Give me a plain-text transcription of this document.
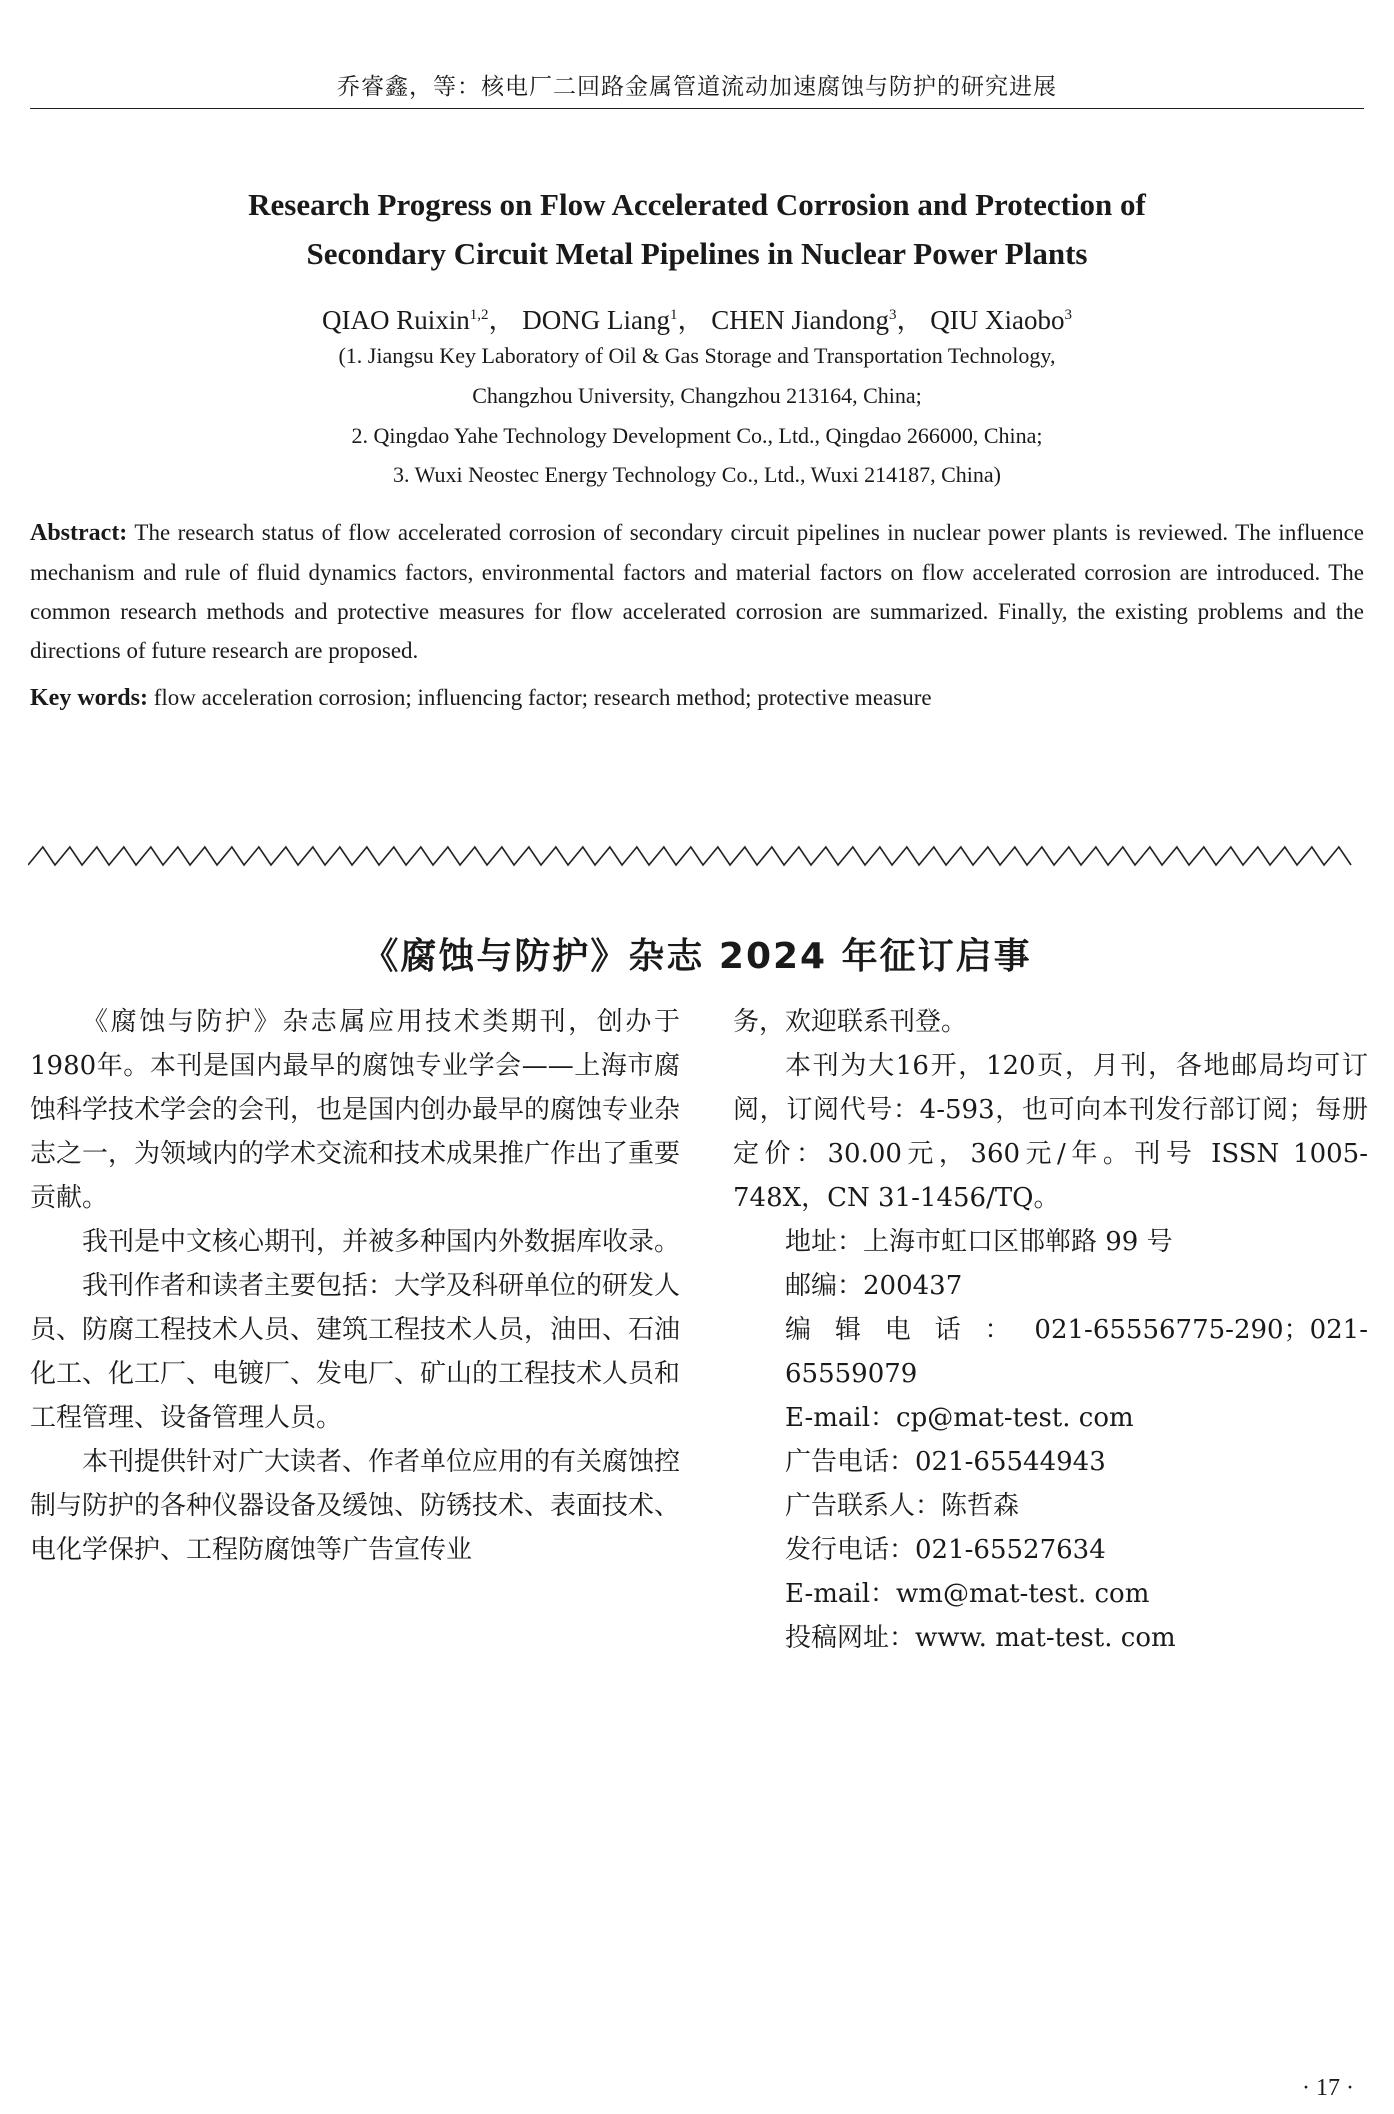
乔睿鑫，等：核电厂二回路金属管道流动加速腐蚀与防护的研究进展
Research Progress on Flow Accelerated Corrosion and Protection of
Secondary Circuit Metal Pipelines in Nuclear Power Plants
QIAO Ruixin$^{1,2}$， DONG Liang$^1$， CHEN Jiandong$^3$， QIU Xiaobo$^3$
(1. Jiangsu Key Laboratory of Oil & Gas Storage and Transportation Technology,
Changzhou University, Changzhou 213164, China;
2. Qingdao Yahe Technology Development Co., Ltd., Qingdao 266000, China;
3. Wuxi Neostec Energy Technology Co., Ltd., Wuxi 214187, China)
Abstract: The research status of flow accelerated corrosion of secondary circuit pipelines in nuclear power plants is reviewed. The influence mechanism and rule of fluid dynamics factors, environmental factors and material factors on flow accelerated corrosion are introduced. The common research methods and protective measures for flow accelerated corrosion are summarized. Finally, the existing problems and the directions of future research are proposed.
Key words: flow acceleration corrosion; influencing factor; research method; protective measure
《腐蚀与防护》杂志 2024 年征订启事

《腐蚀与防护》杂志属应用技术类期刊，创办于1980年。本刊是国内最早的腐蚀专业学会——上海市腐蚀科学技术学会的会刊，也是国内创办最早的腐蚀专业杂志之一，为领域内的学术交流和技术成果推广作出了重要贡献。

我刊是中文核心期刊，并被多种国内外数据库收录。

我刊作者和读者主要包括：大学及科研单位的研发人员、防腐工程技术人员、建筑工程技术人员，油田、石油化工、化工厂、电镀厂、发电厂、矿山的工程技术人员和工程管理、设备管理人员。

本刊提供针对广大读者、作者单位应用的有关腐蚀控制与防护的各种仪器设备及缓蚀、防锈技术、表面技术、电化学保护、工程防腐蚀等广告宣传业

务，欢迎联系刊登。

本刊为大16开，120页，月刊，各地邮局均可订阅，订阅代号：4-593，也可向本刊发行部订阅；每册定价：30.00元，360元/年。刊号 ISSN 1005-748X，CN 31-1456/TQ。

地址：上海市虹口区邯郸路 99 号

邮编：200437

编辑电话：021-65556775-290；021-65559079

E-mail：cp@mat-test. com

广告电话：021-65544943

广告联系人：陈哲森

发行电话：021-65527634

E-mail：wm@mat-test. com

投稿网址：www. mat-test. com

· 17 ·
